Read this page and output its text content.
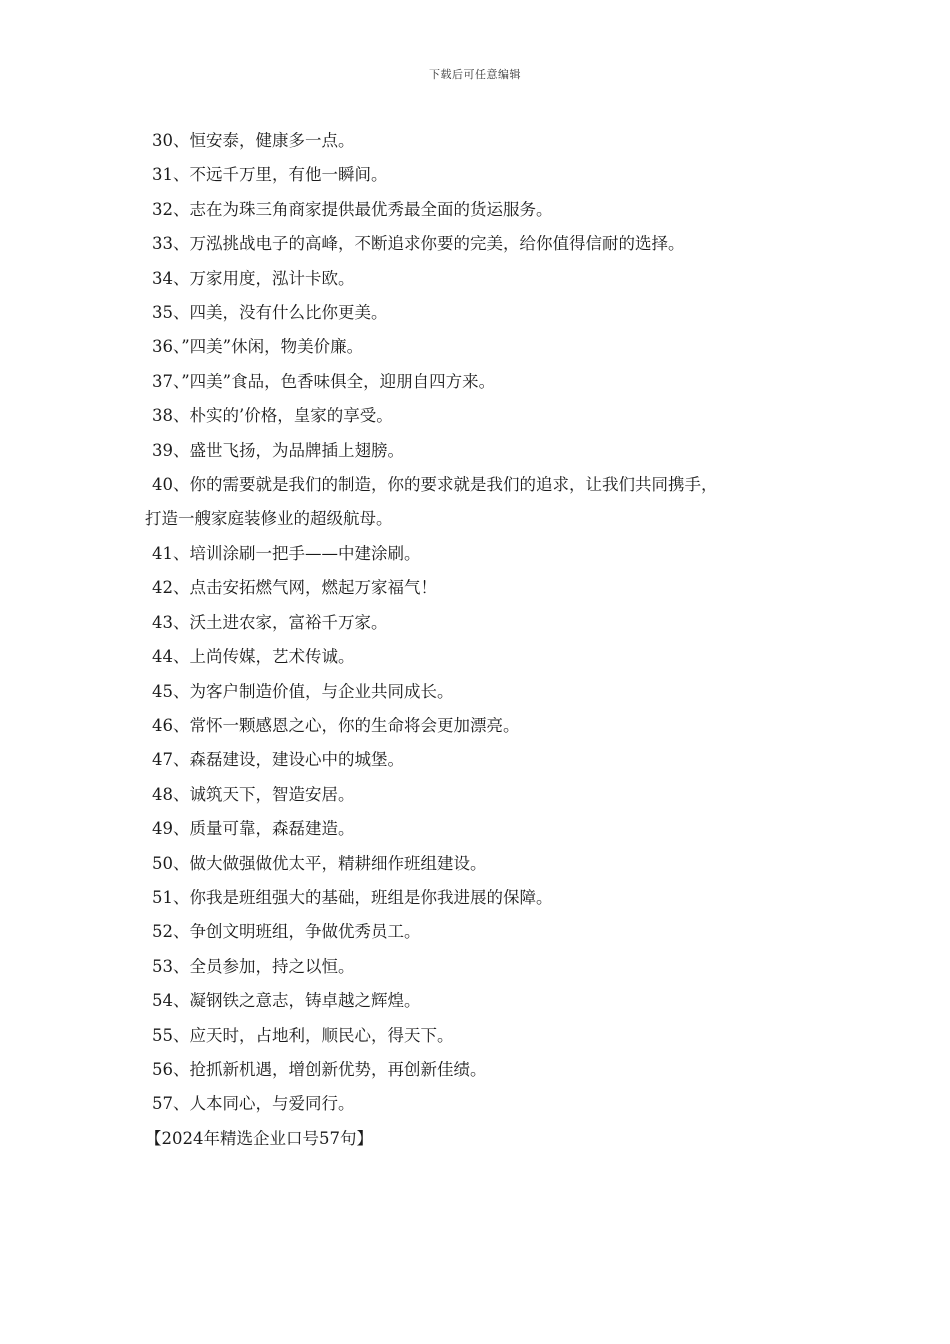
下载后可任意编辑
30、恒安泰，健康多一点。
31、不远千万里，有他一瞬间。
32、志在为珠三角商家提供最优秀最全面的货运服务。
33、万泓挑战电子的高峰，不断追求你要的完美，给你值得信耐的选择。
34、万家用度，泓计卡欧。
35、四美，没有什么比你更美。
36、”四美”休闲，物美价廉。
37、”四美”食品，色香味俱全，迎朋自四方来。
38、朴实的’价格，皇家的享受。
39、盛世飞扬，为品牌插上翅膀。
40、你的需要就是我们的制造，你的要求就是我们的追求，让我们共同携手，
打造一艘家庭装修业的超级航母。
41、培训涂刷一把手——中建涂刷。
42、点击安拓燃气网，燃起万家福气！
43、沃土进农家，富裕千万家。
44、上尚传媒，艺术传诚。
45、为客户制造价值，与企业共同成长。
46、常怀一颗感恩之心，你的生命将会更加漂亮。
47、森磊建设，建设心中的城堡。
48、诚筑天下，智造安居。
49、质量可靠，森磊建造。
50、做大做强做优太平，精耕细作班组建设。
51、你我是班组强大的基础，班组是你我进展的保障。
52、争创文明班组，争做优秀员工。
53、全员参加，持之以恒。
54、凝钢铁之意志，铸卓越之辉煌。
55、应天时，占地利，顺民心，得天下。
56、抢抓新机遇，增创新优势，再创新佳绩。
57、人本同心，与爱同行。
【2024年精选企业口号57句】
